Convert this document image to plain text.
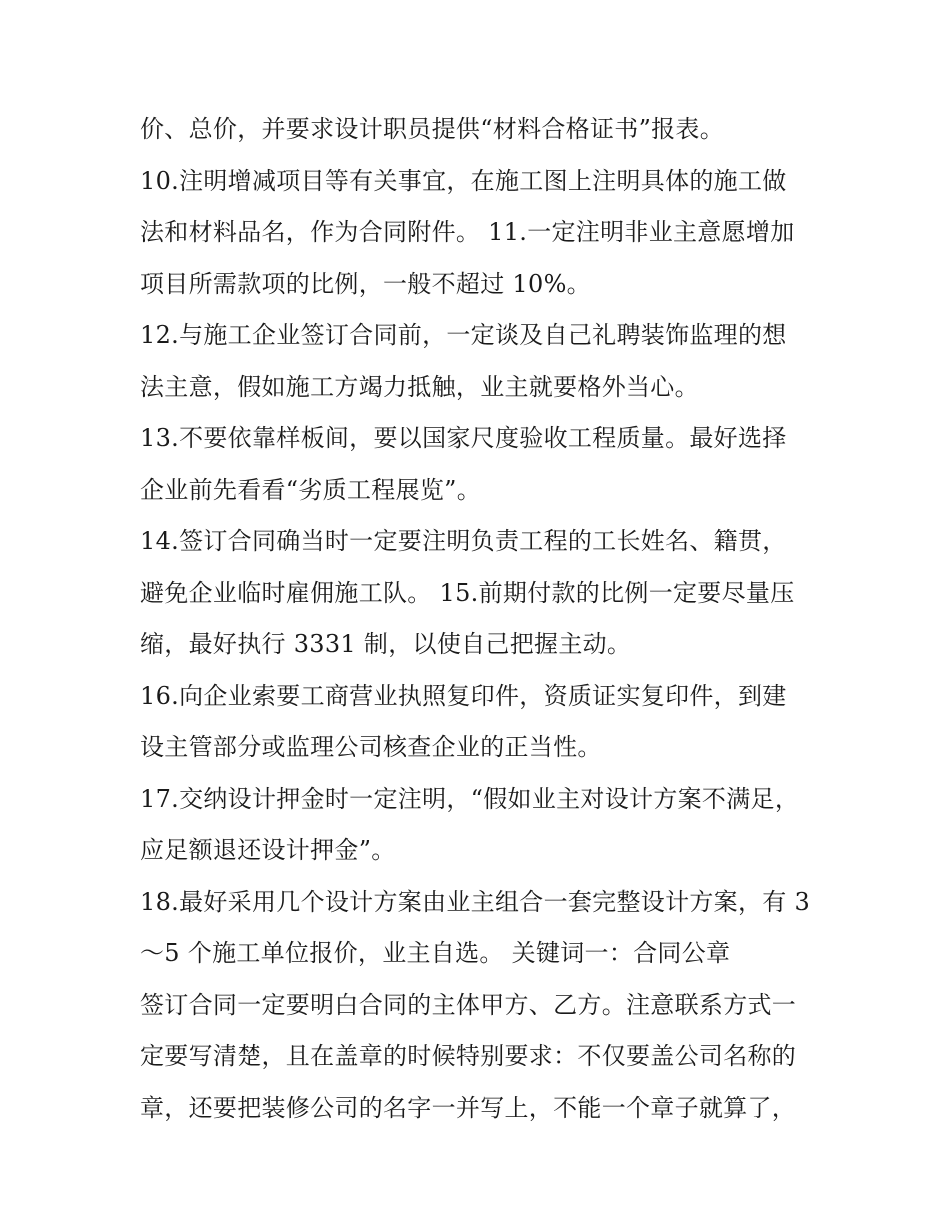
价、总价，并要求设计职员提供“材料合格证书”报表。
10.注明增减项目等有关事宜，在施工图上注明具体的施工做
法和材料品名，作为合同附件。 11.一定注明非业主意愿增加
项目所需款项的比例，一般不超过 10%。
12.与施工企业签订合同前，一定谈及自己礼聘装饰监理的想
法主意，假如施工方竭力抵触，业主就要格外当心。
13.不要依靠样板间，要以国家尺度验收工程质量。最好选择
企业前先看看“劣质工程展览”。
14.签订合同确当时一定要注明负责工程的工长姓名、籍贯，
避免企业临时雇佣施工队。 15.前期付款的比例一定要尽量压
缩，最好执行 3331 制，以使自己把握主动。
16.向企业索要工商营业执照复印件，资质证实复印件，到建
设主管部分或监理公司核查企业的正当性。
17.交纳设计押金时一定注明，“假如业主对设计方案不满足，
应足额退还设计押金”。
18.最好采用几个设计方案由业主组合一套完整设计方案，有 3
～5 个施工单位报价，业主自选。 关键词一：合同公章
签订合同一定要明白合同的主体甲方、乙方。注意联系方式一
定要写清楚，且在盖章的时候特别要求：不仅要盖公司名称的
章，还要把装修公司的名字一并写上，不能一个章子就算了，
